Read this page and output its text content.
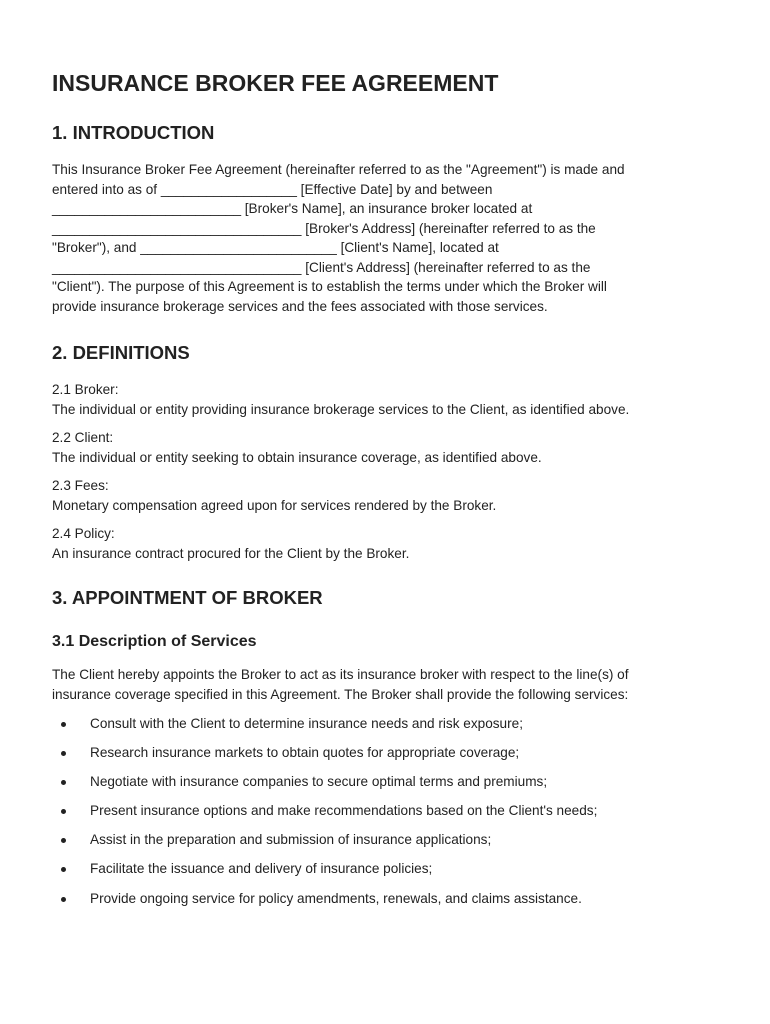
INSURANCE BROKER FEE AGREEMENT
1. INTRODUCTION

This Insurance Broker Fee Agreement (hereinafter referred to as the "Agreement") is made and
entered into as of __________________ [Effective Date] by and between
_________________________ [Broker's Name], an insurance broker located at
_________________________________ [Broker's Address] (hereinafter referred to as the
"Broker"), and __________________________ [Client's Name], located at
_________________________________ [Client's Address] (hereinafter referred to as the
"Client"). The purpose of this Agreement is to establish the terms under which the Broker will
provide insurance brokerage services and the fees associated with those services.

2. DEFINITIONS
2.1 Broker:
The individual or entity providing insurance brokerage services to the Client, as identified above.
2.2 Client:
The individual or entity seeking to obtain insurance coverage, as identified above.
2.3 Fees:
Monetary compensation agreed upon for services rendered by the Broker.
2.4 Policy:
An insurance contract procured for the Client by the Broker.
3. APPOINTMENT OF BROKER
3.1 Description of Services

The Client hereby appoints the Broker to act as its insurance broker with respect to the line(s) of
insurance coverage specified in this Agreement. The Broker shall provide the following services:

Consult with the Client to determine insurance needs and risk exposure;
Research insurance markets to obtain quotes for appropriate coverage;
Negotiate with insurance companies to secure optimal terms and premiums;
Present insurance options and make recommendations based on the Client's needs;
Assist in the preparation and submission of insurance applications;
Facilitate the issuance and delivery of insurance policies;
Provide ongoing service for policy amendments, renewals, and claims assistance.
